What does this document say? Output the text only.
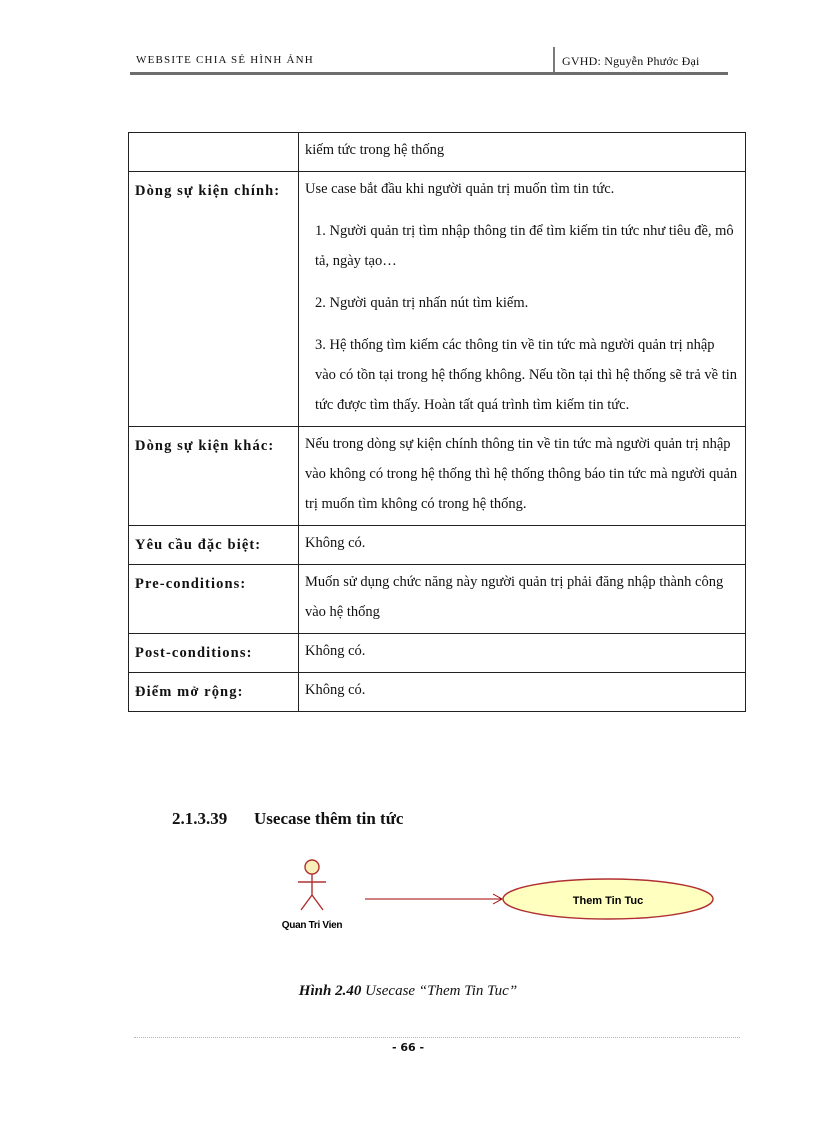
WEBSITE CHIA SẺ HÌNH ẢNH	GVHD: Nguyễn Phước Đại

	kiếm tức trong hệ thống

Dòng sự kiện chính:	Use case bắt đầu khi người quản trị muốn tìm tin tức.

1. Người quản trị tìm nhập thông tin để tìm kiếm tin tức như tiêu đề, mô tả, ngày tạo…

2. Người quản trị nhấn nút tìm kiếm.

3. Hệ thống tìm kiếm các thông tin về tin tức mà người quản trị nhập vào có tồn tại trong hệ thống không. Nếu tồn tại thì hệ thống sẽ trả về tin tức được tìm thấy. Hoàn tất quá trình tìm kiếm tin tức.

Dòng sự kiện khác:	Nếu trong dòng sự kiện chính thông tin về tin tức mà người quản trị nhập vào không có trong hệ thống thì hệ thống thông báo tin tức mà người quản trị muốn tìm không có trong hệ thống.

Yêu cầu đặc biệt:	Không có.

Pre-conditions:	Muốn sử dụng chức năng này người quản trị phải đăng nhập thành công vào hệ thống

Post-conditions:	Không có.

Điểm mở rộng:	Không có.

2.1.3.39 Usecase thêm tin tức
Quan Tri Vien
Them Tin Tuc
Hình 2.40 Usecase “Them Tin Tuc”
- 66 -
